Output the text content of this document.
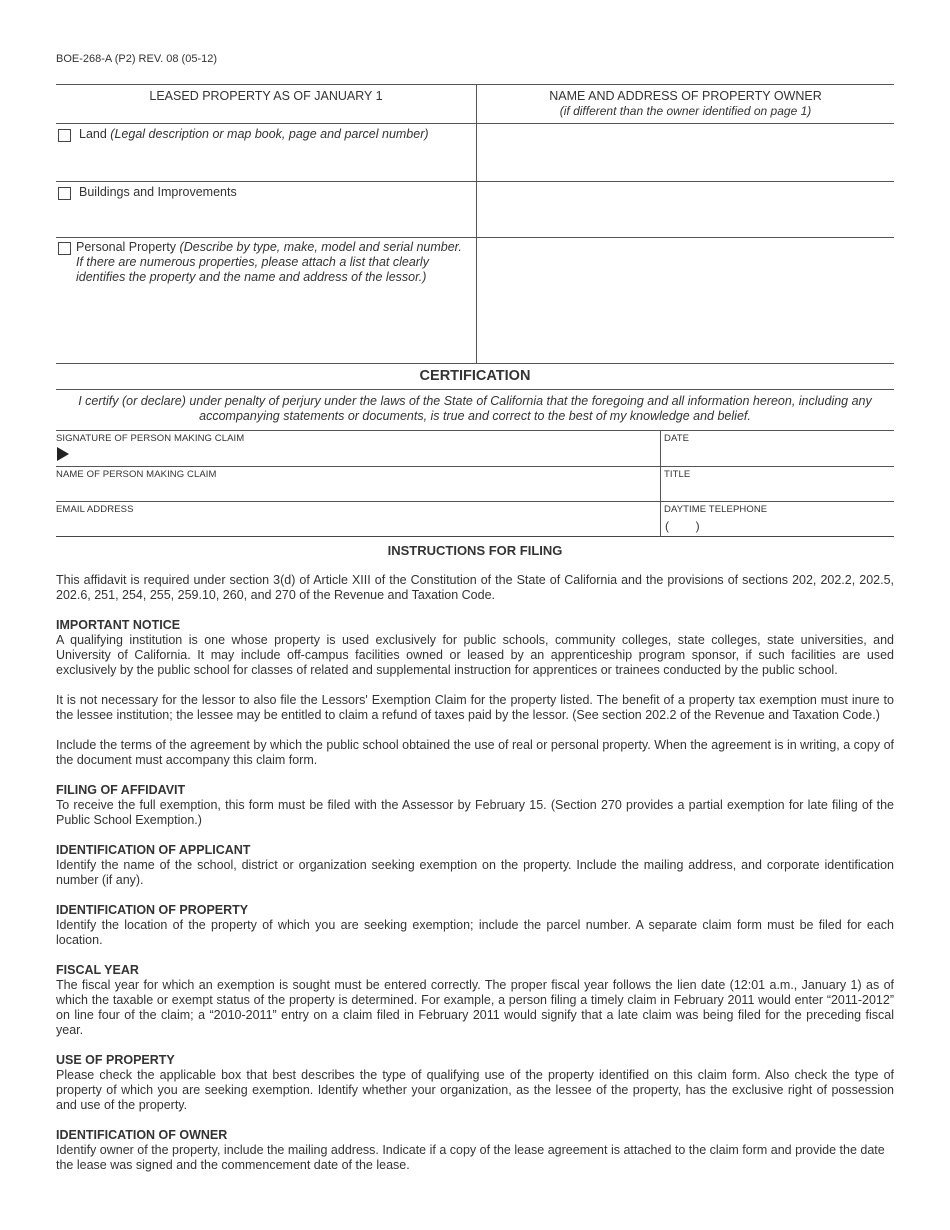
BOE-268-A (P2) REV. 08 (05-12)
LEASED PROPERTY AS OF JANUARY 1	NAME AND ADDRESS OF PROPERTY OWNER
(if different than the owner identified on page 1)
Land (Legal description or map book, page and parcel number)
Buildings and Improvements
Personal Property (Describe by type, make, model and serial number. If there are numerous properties, please attach a list that clearly identifies the property and the name and address of the lessor.)
CERTIFICATION
I certify (or declare) under penalty of perjury under the laws of the State of California that the foregoing and all information hereon, including any accompanying statements or documents, is true and correct to the best of my knowledge and belief.
SIGNATURE OF PERSON MAKING CLAIM	DATE
NAME OF PERSON MAKING CLAIM	TITLE
EMAIL ADDRESS	DAYTIME TELEPHONE
(        )
INSTRUCTIONS FOR FILING

This affidavit is required under section 3(d) of Article XIII of the Constitution of the State of California and the provisions of sections 202, 202.2, 202.5, 202.6, 251, 254, 255, 259.10, 260, and 270 of the Revenue and Taxation Code.

IMPORTANT NOTICE

A qualifying institution is one whose property is used exclusively for public schools, community colleges, state colleges, state universities, and University of California. It may include off-campus facilities owned or leased by an apprenticeship program sponsor, if such facilities are used exclusively by the public school for classes of related and supplemental instruction for apprentices or trainees conducted by the public school.

It is not necessary for the lessor to also file the Lessors' Exemption Claim for the property listed. The benefit of a property tax exemption must inure to the lessee institution; the lessee may be entitled to claim a refund of taxes paid by the lessor. (See section 202.2 of the Revenue and Taxation Code.)

Include the terms of the agreement by which the public school obtained the use of real or personal property. When the agreement is in writing, a copy of the document must accompany this claim form.

FILING OF AFFIDAVIT

To receive the full exemption, this form must be filed with the Assessor by February 15. (Section 270 provides a partial exemption for late filing of the Public School Exemption.)

IDENTIFICATION OF APPLICANT

Identify the name of the school, district or organization seeking exemption on the property. Include the mailing address, and corporate identification number (if any).

IDENTIFICATION OF PROPERTY

Identify the location of the property of which you are seeking exemption; include the parcel number. A separate claim form must be filed for each location.

FISCAL YEAR

The fiscal year for which an exemption is sought must be entered correctly. The proper fiscal year follows the lien date (12:01 a.m., January 1) as of which the taxable or exempt status of the property is determined. For example, a person filing a timely claim in February 2011 would enter “2011-2012” on line four of the claim; a “2010-2011” entry on a claim filed in February 2011 would signify that a late claim was being filed for the preceding fiscal year.

USE OF PROPERTY

Please check the applicable box that best describes the type of qualifying use of the property identified on this claim form. Also check the type of property of which you are seeking exemption. Identify whether your organization, as the lessee of the property, has the exclusive right of possession and use of the property.

IDENTIFICATION OF OWNER

Identify owner of the property, include the mailing address. Indicate if a copy of the lease agreement is attached to the claim form and provide the date the lease was signed and the commencement date of the lease.
